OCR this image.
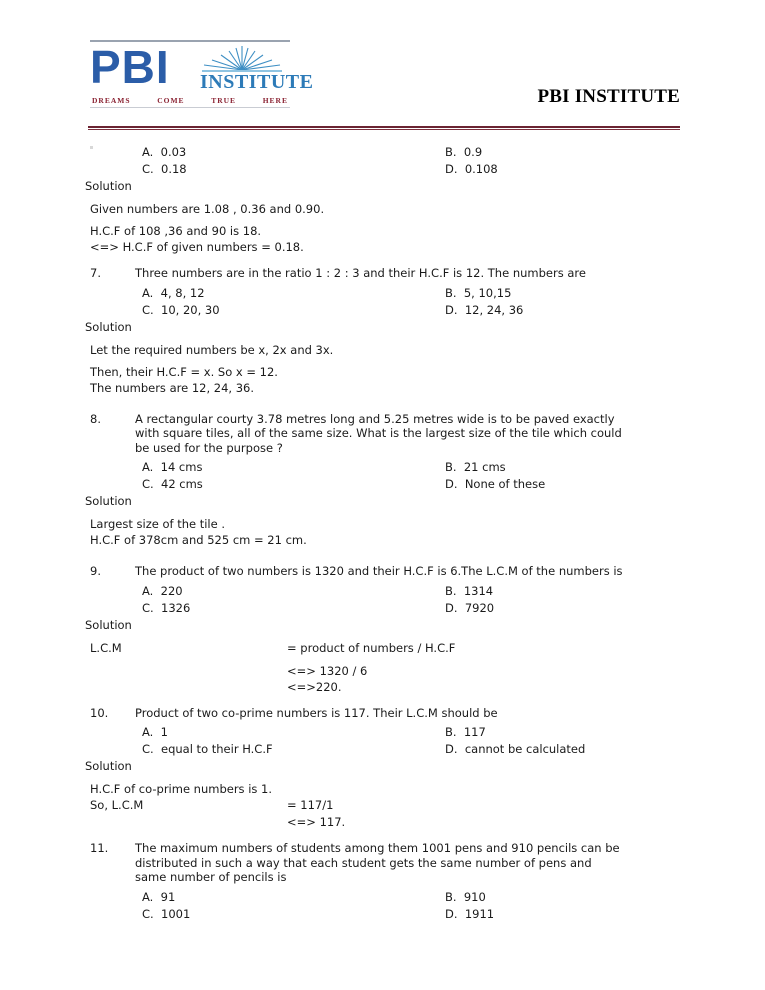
PBI INSTITUTE
DREAMS	COME	TRUE	HERE	PBI INSTITUTE
A.  0.03	B.  0.9
C.  0.18	D.  0.108
Solution
Given numbers are 1.08 , 0.36 and 0.90.
H.C.F of 108 ,36 and 90 is 18.
<=> H.C.F of given numbers = 0.18.
7.	Three numbers are in the ratio 1 : 2 : 3 and their H.C.F is 12. The numbers are
A.  4, 8, 12	B.  5, 10,15
C.  10, 20, 30	D.  12, 24, 36
Solution
Let the required numbers be x, 2x and 3x.
Then, their H.C.F = x. So x = 12.
The numbers are 12, 24, 36.
8.	A rectangular courty 3.78 metres long and 5.25 metres wide is to be paved exactly with square tiles, all of the same size. What is the largest size of the tile which could be used for the purpose ?
A.  14 cms	B.  21 cms
C.  42 cms	D.  None of these
Solution
Largest size of the tile .
H.C.F of 378cm and 525 cm = 21 cm.
9.	The product of two numbers is 1320 and their H.C.F is 6.The L.C.M of the numbers is
A.  220	B.  1314
C.  1326	D.  7920
Solution
L.C.M	= product of numbers / H.C.F
<=> 1320 / 6
<=>220.
10.	Product of two co-prime numbers is 117. Their L.C.M should be
A.  1	B.  117
C.  equal to their H.C.F	D.  cannot be calculated
Solution
H.C.F of co-prime numbers is 1.
So, L.C.M	= 117/1
<=> 117.
11.	The maximum numbers of students among them 1001 pens and 910 pencils can be distributed in such a way that each student gets the same number of pens and same number of pencils is
A.  91	B.  910
C.  1001	D.  1911
